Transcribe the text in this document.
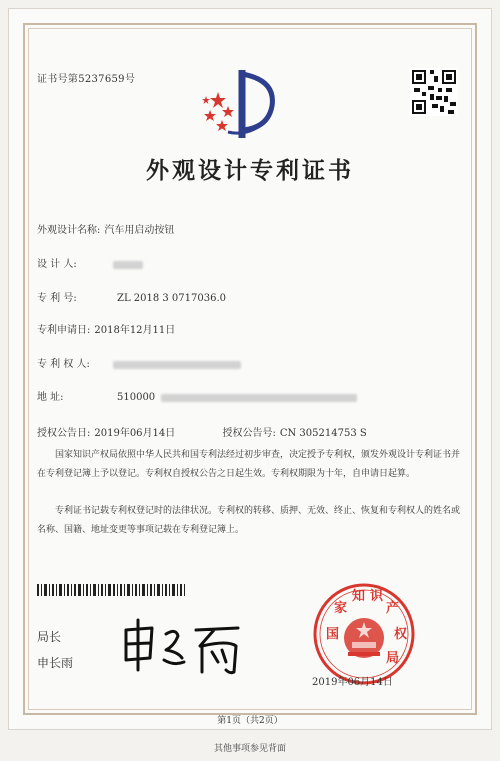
证书号第5237659号
外观设计专利证书
外观设计名称: 汽车用启动按钮
设 计 人:
专 利 号:	ZL 2018 3 0717036.0
专利申请日: 2018年12月11日
专 利 权 人:
地 址:	510000
授权公告日: 2019年06月14日	授权公告号: CN 305214753 S
国家知识产权局依照中华人民共和国专利法经过初步审查，决定授予专利权，颁发外观设计专利证书并在专利登记簿上予以登记。专利权自授权公告之日起生效。专利权期限为十年，自申请日起算。
专利证书记载专利权登记时的法律状况。专利权的转移、质押、无效、终止、恢复和专利权人的姓名或名称、国籍、地址变更等事项记载在专利登记簿上。
局长
申长雨
国
家
知 识
产
权
局
2019年06月14日
第1页（共2页）
其他事项参见背面
